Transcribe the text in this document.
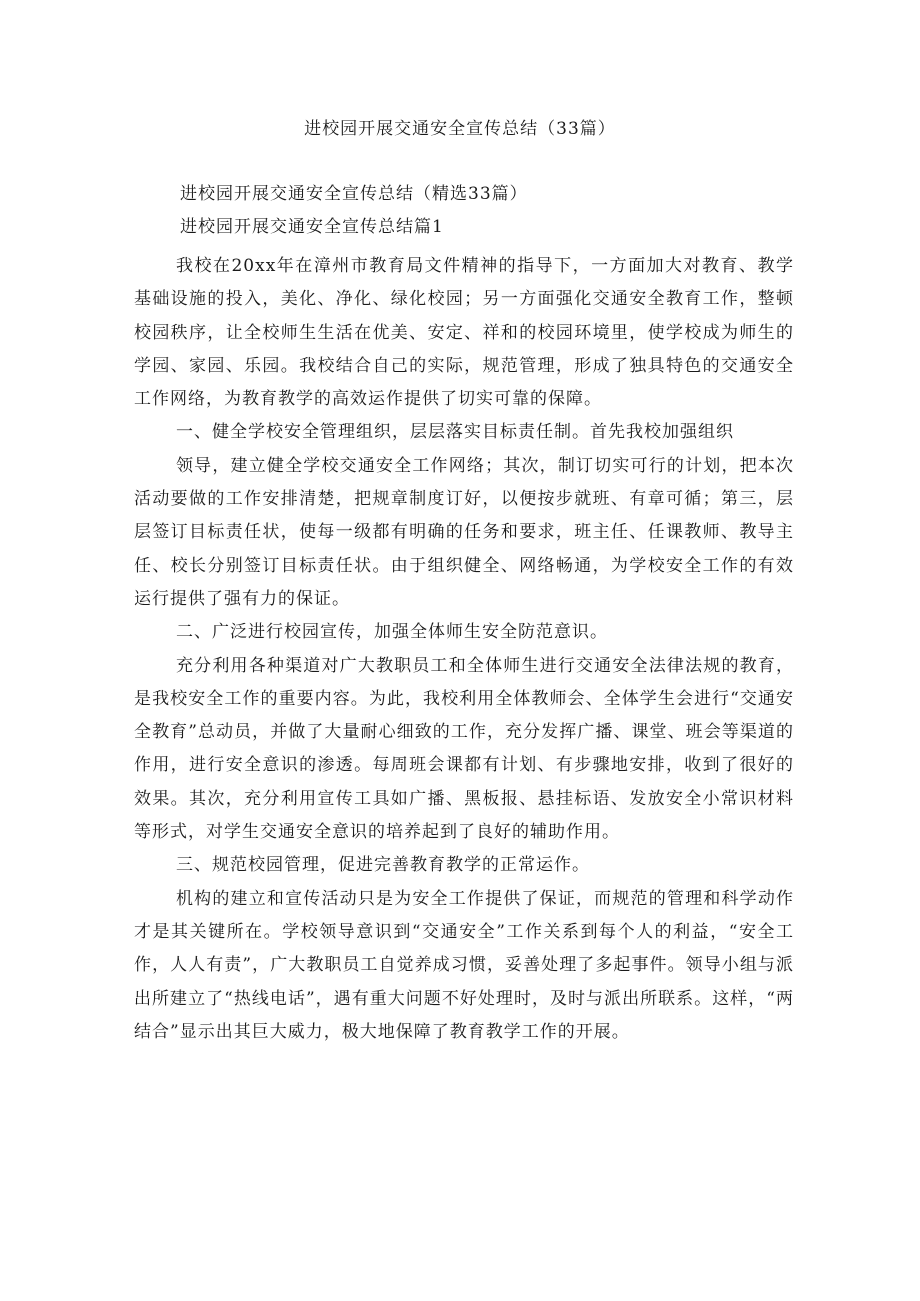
进校园开展交通安全宣传总结（33篇）
进校园开展交通安全宣传总结（精选33篇）
进校园开展交通安全宣传总结篇1

我校在20xx年在漳州市教育局文件精神的指导下，一方面加大对教育、教学基础设施的投入，美化、净化、绿化校园；另一方面强化交通安全教育工作，整顿校园秩序，让全校师生生活在优美、安定、祥和的校园环境里，使学校成为师生的学园、家园、乐园。我校结合自己的实际，规范管理，形成了独具特色的交通安全工作网络，为教育教学的高效运作提供了切实可靠的保障。

一、健全学校安全管理组织，层层落实目标责任制。首先我校加强组织

领导，建立健全学校交通安全工作网络；其次，制订切实可行的计划，把本次活动要做的工作安排清楚，把规章制度订好，以便按步就班、有章可循；第三，层层签订目标责任状，使每一级都有明确的任务和要求，班主任、任课教师、教导主任、校长分别签订目标责任状。由于组织健全、网络畅通，为学校安全工作的有效运行提供了强有力的保证。

二、广泛进行校园宣传，加强全体师生安全防范意识。

充分利用各种渠道对广大教职员工和全体师生进行交通安全法律法规的教育，是我校安全工作的重要内容。为此，我校利用全体教师会、全体学生会进行“交通安全教育”总动员，并做了大量耐心细致的工作，充分发挥广播、课堂、班会等渠道的作用，进行安全意识的渗透。每周班会课都有计划、有步骤地安排，收到了很好的效果。其次，充分利用宣传工具如广播、黑板报、悬挂标语、发放安全小常识材料等形式，对学生交通安全意识的培养起到了良好的辅助作用。

三、规范校园管理，促进完善教育教学的正常运作。

机构的建立和宣传活动只是为安全工作提供了保证，而规范的管理和科学动作才是其关键所在。学校领导意识到“交通安全”工作关系到每个人的利益，“安全工作，人人有责”，广大教职员工自觉养成习惯，妥善处理了多起事件。领导小组与派出所建立了“热线电话”，遇有重大问题不好处理时，及时与派出所联系。这样，“两结合”显示出其巨大威力，极大地保障了教育教学工作的开展。
